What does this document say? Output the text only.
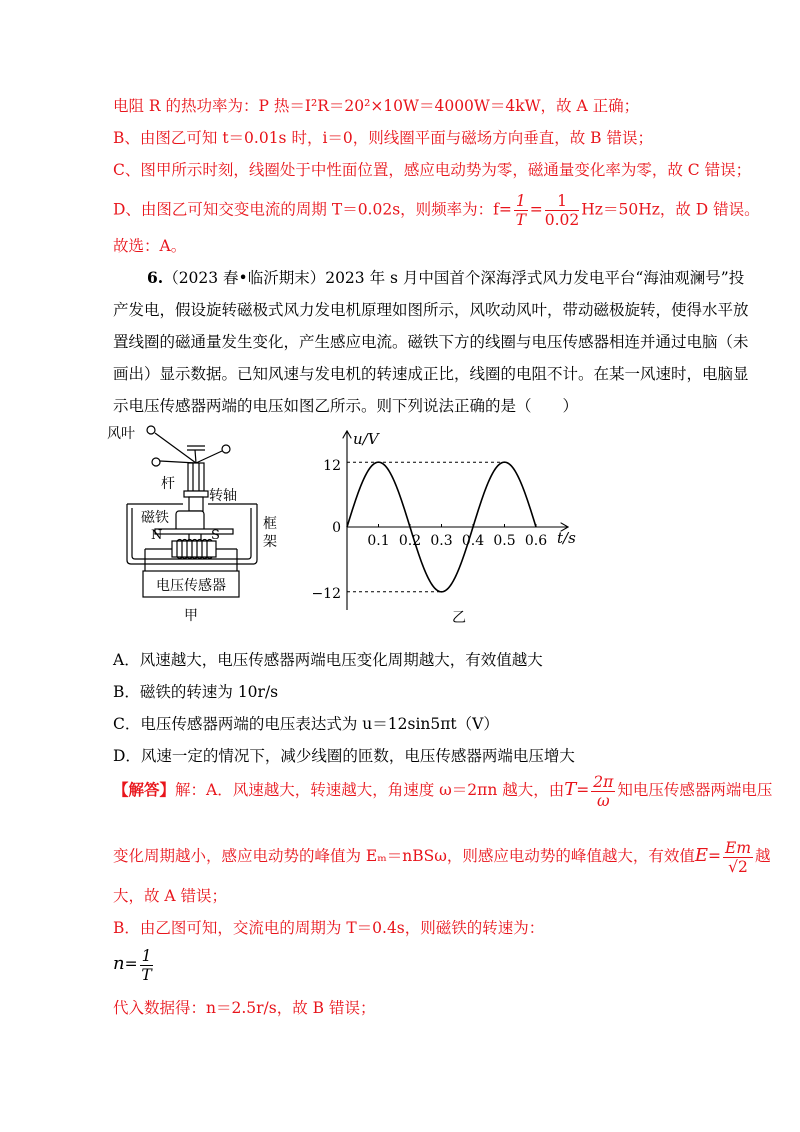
电阻 R 的热功率为：P 热＝I²R＝20²×10W＝4000W＝4kW，故 A 正确；
B、由图乙可知 t＝0.01s 时，i＝0，则线圈平面与磁场方向垂直，故 B 错误；
C、图甲所示时刻，线圈处于中性面位置，感应电动势为零，磁通量变化率为零，故 C 错误；
D、由图乙可知交变电流的周期 T＝0.02s，则频率为：$f= \frac{1}{T} = \frac{1}{0.02} Hz=50Hz$，故 D 错误。
故选：A。
6.（2023 春•临沂期末）2023 年 s 月中国首个深海浮式风力发电平台“海油观澜号”投
产发电，假设旋转磁极式风力发电机原理如图所示，风吹动风叶，带动磁极旋转，使得水平放
置线圈的磁通量发生变化，产生感应电流。磁铁下方的线圈与电压传感器相连并通过电脑（未
画出）显示数据。已知风速与发电机的转速成正比，线圈的电阻不计。在某一风速时，电脑显
示电压传感器两端的电压如图乙所示。则下列说法正确的是（　　）
风叶
杆
转轴
磁铁	框
架
N	S
电压传感器
甲
0.1 0.2 0.3 0.4 0.5 0.6
u/V
t/s
12
0
−12
乙
A．风速越大，电压传感器两端电压变化周期越大，有效值越大
B．磁铁的转速为 10r/s
C．电压传感器两端的电压表达式为 u＝12sin5πt（V）
D．风速一定的情况下，减少线圈的匝数，电压传感器两端电压增大
【解答】解：A．风速越大，转速越大，角速度 ω＝2πn 越大，由$T= \frac{2\pi}{\omega}$ 知电压传感器两端电压
变化周期越小，感应电动势的峰值为 Eₘ＝nBSω，则感应电动势的峰值越大，有效值$E= \frac{Em}{√2}$ 越
大，故 A 错误；
B．由乙图可知，交流电的周期为 T＝0.4s，则磁铁的转速为：
$n= \frac{1}{T}$
代入数据得：n＝2.5r/s，故 B 错误；
